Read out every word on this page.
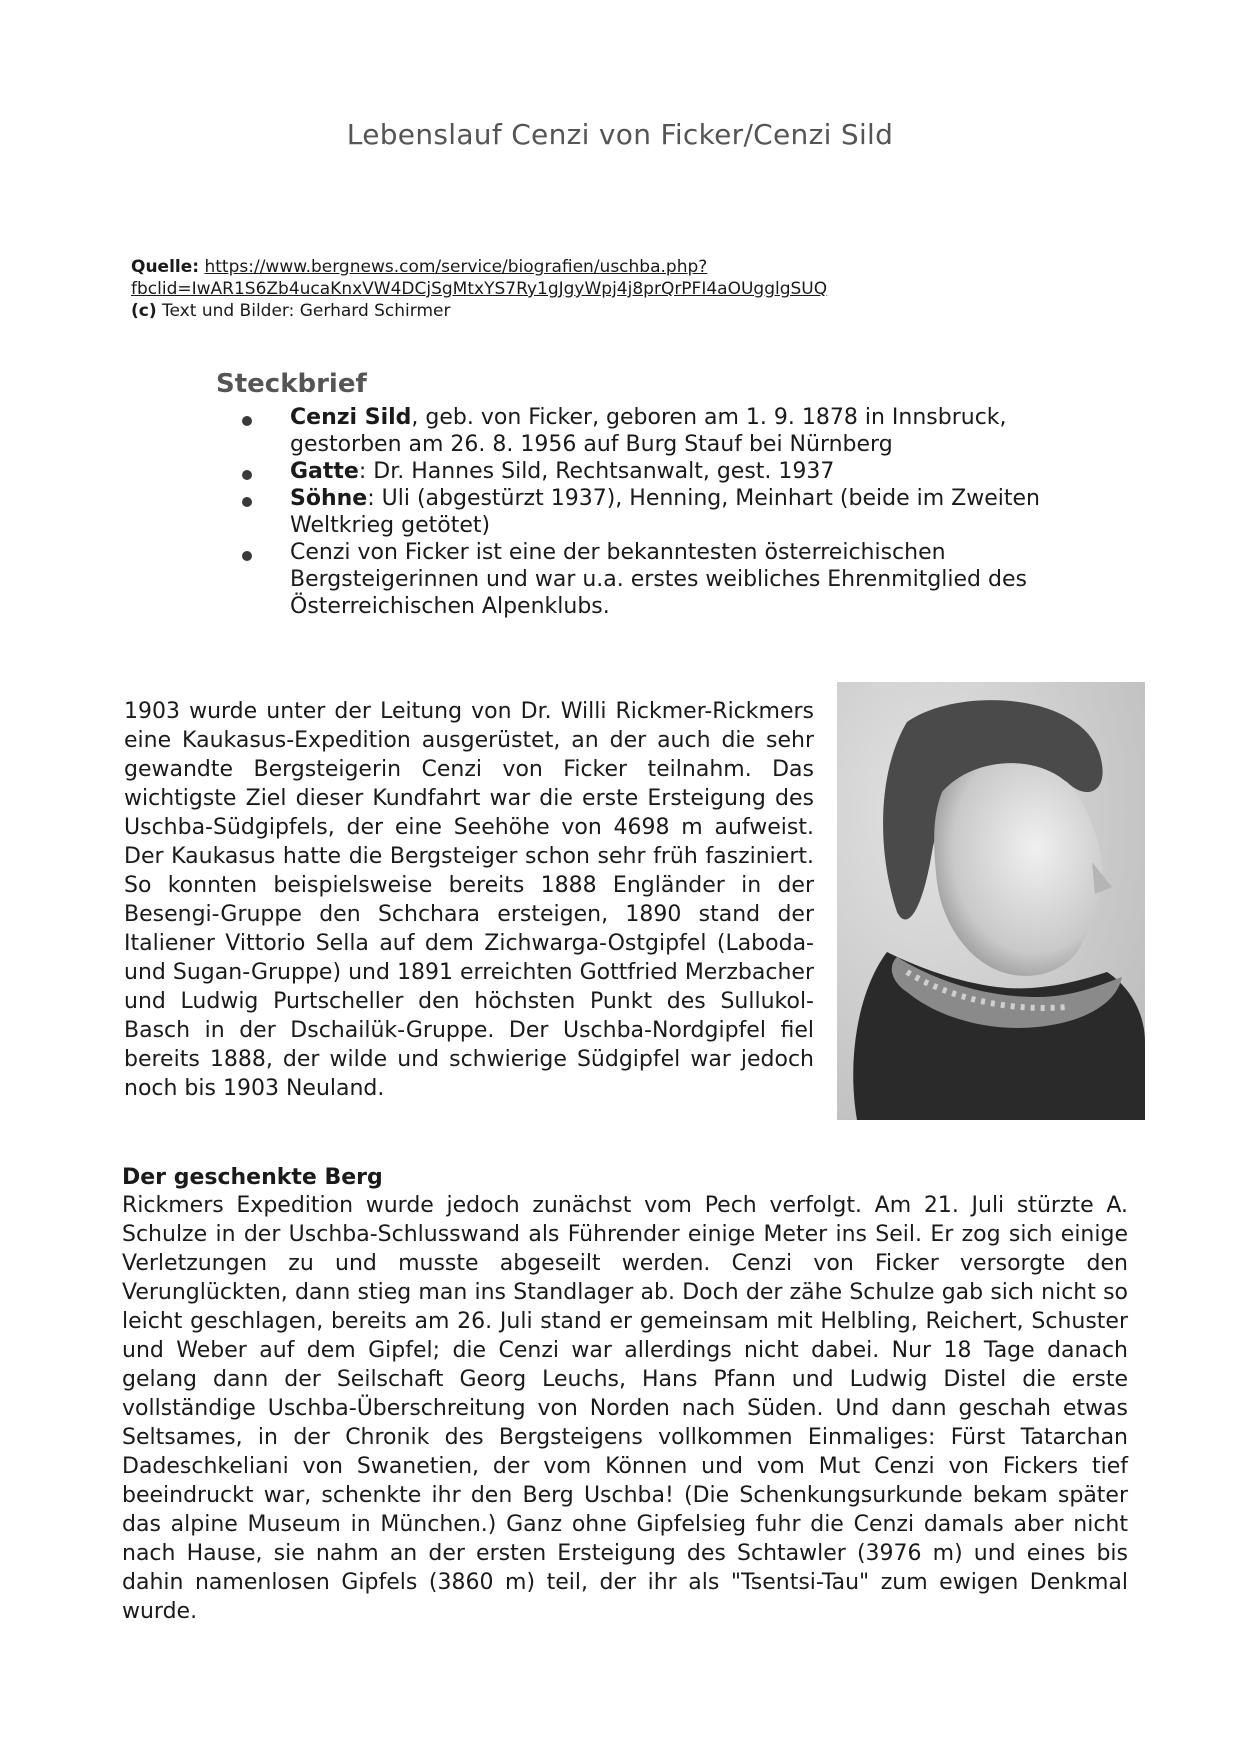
Lebenslauf Cenzi von Ficker/Cenzi Sild
Quelle: https://www.bergnews.com/service/biografien/uschba.php?
fbclid=IwAR1S6Zb4ucaKnxVW4DCjSgMtxYS7Ry1gJgyWpj4j8prQrPFI4aOUgglgSUQ
(c) Text und Bilder: Gerhard Schirmer
Steckbrief
Cenzi Sild, geb. von Ficker, geboren am 1. 9. 1878 in Innsbruck, gestorben am 26. 8. 1956 auf Burg Stauf bei Nürnberg
Gatte: Dr. Hannes Sild, Rechtsanwalt, gest. 1937
Söhne: Uli (abgestürzt 1937), Henning, Meinhart (beide im Zweiten Weltkrieg getötet)
Cenzi von Ficker ist eine der bekanntesten österreichischen Bergsteigerinnen und war u.a. erstes weibliches Ehrenmitglied des Österreichischen Alpenklubs.
1903 wurde unter der Leitung von Dr. Willi Rickmer-Rickmers eine Kaukasus-Expedition ausgerüstet, an der auch die sehr gewandte Bergsteigerin Cenzi von Ficker teilnahm. Das wichtigste Ziel dieser Kundfahrt war die erste Ersteigung des Uschba-Südgipfels, der eine Seehöhe von 4698 m aufweist. Der Kaukasus hatte die Bergsteiger schon sehr früh fasziniert. So konnten beispielsweise bereits 1888 Engländer in der Besengi-Gruppe den Schchara ersteigen, 1890 stand der Italiener Vittorio Sella auf dem Zichwarga-Ostgipfel (Laboda- und Sugan-Gruppe) und 1891 erreichten Gottfried Merzbacher und Ludwig Purtscheller den höchsten Punkt des Sullukol-Basch in der Dschailük-Gruppe. Der Uschba-Nordgipfel fiel bereits 1888, der wilde und schwierige Südgipfel war jedoch noch bis 1903 Neuland.
Der geschenkte Berg
Rickmers Expedition wurde jedoch zunächst vom Pech verfolgt. Am 21. Juli stürzte A. Schulze in der Uschba-Schlusswand als Führender einige Meter ins Seil. Er zog sich einige Verletzungen zu und musste abgeseilt werden. Cenzi von Ficker versorgte den Verunglückten, dann stieg man ins Standlager ab. Doch der zähe Schulze gab sich nicht so leicht geschlagen, bereits am 26. Juli stand er gemeinsam mit Helbling, Reichert, Schuster und Weber auf dem Gipfel; die Cenzi war allerdings nicht dabei. Nur 18 Tage danach gelang dann der Seilschaft Georg Leuchs, Hans Pfann und Ludwig Distel die erste vollständige Uschba-Überschreitung von Norden nach Süden. Und dann geschah etwas Seltsames, in der Chronik des Bergsteigens vollkommen Einmaliges: Fürst Tatarchan Dadeschkeliani von Swanetien, der vom Können und vom Mut Cenzi von Fickers tief beeindruckt war, schenkte ihr den Berg Uschba! (Die Schenkungsurkunde bekam später das alpine Museum in München.) Ganz ohne Gipfelsieg fuhr die Cenzi damals aber nicht nach Hause, sie nahm an der ersten Ersteigung des Schtawler (3976 m) und eines bis dahin namenlosen Gipfels (3860 m) teil, der ihr als "Tsentsi-Tau" zum ewigen Denkmal wurde.
